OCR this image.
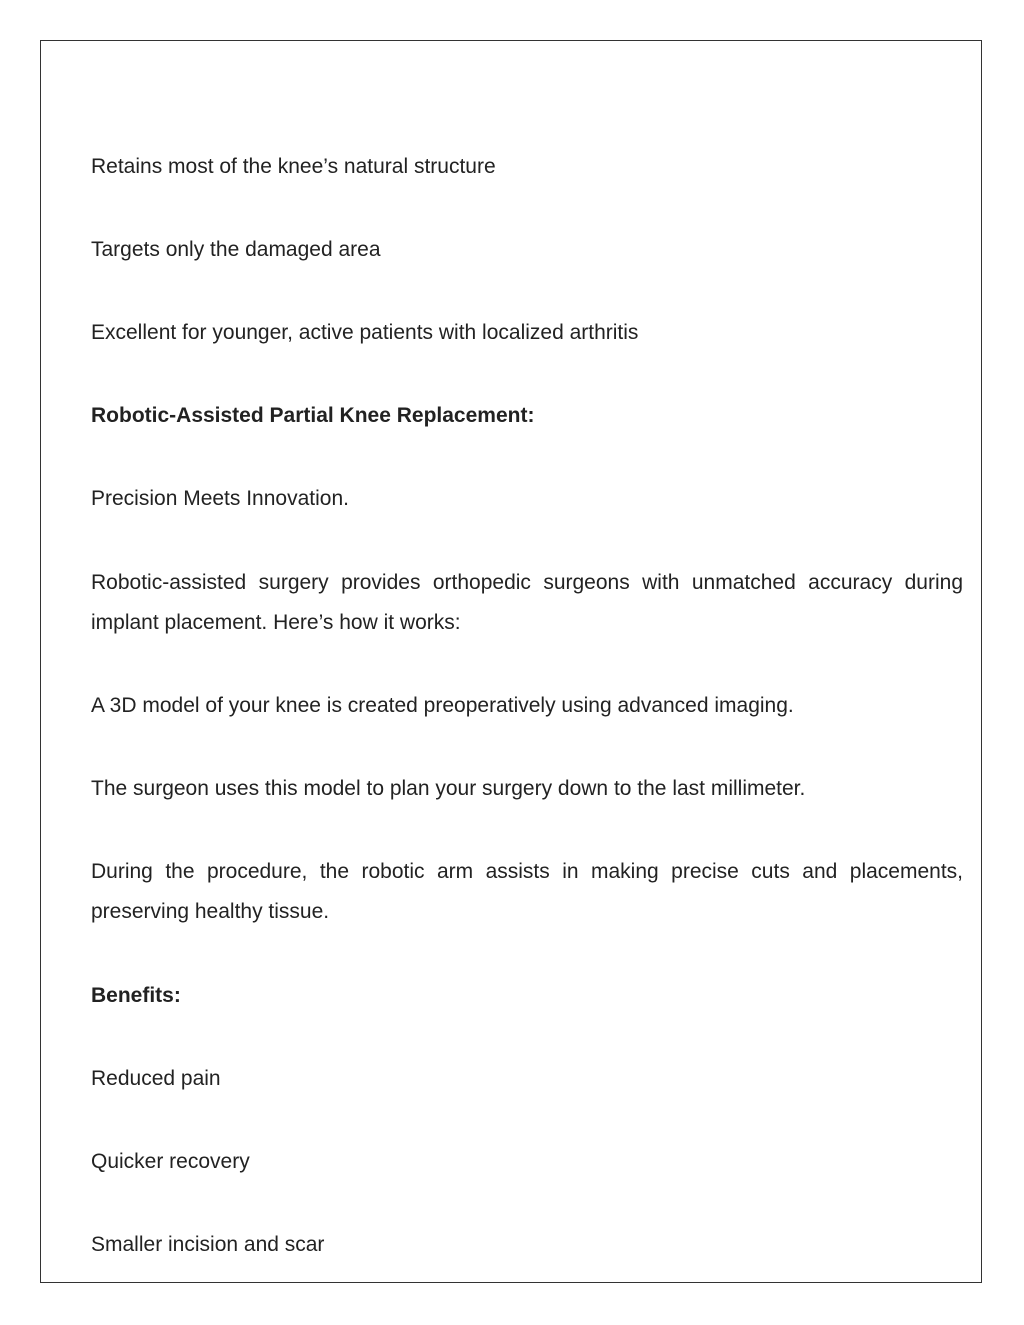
Retains most of the knee’s natural structure

Targets only the damaged area

Excellent for younger, active patients with localized arthritis

Robotic-Assisted Partial Knee Replacement:

Precision Meets Innovation.

Robotic-assisted surgery provides orthopedic surgeons with unmatched accuracy during implant placement. Here’s how it works:

A 3D model of your knee is created preoperatively using advanced imaging.

The surgeon uses this model to plan your surgery down to the last millimeter.

During the procedure, the robotic arm assists in making precise cuts and placements, preserving healthy tissue.

Benefits:

Reduced pain

Quicker recovery

Smaller incision and scar
